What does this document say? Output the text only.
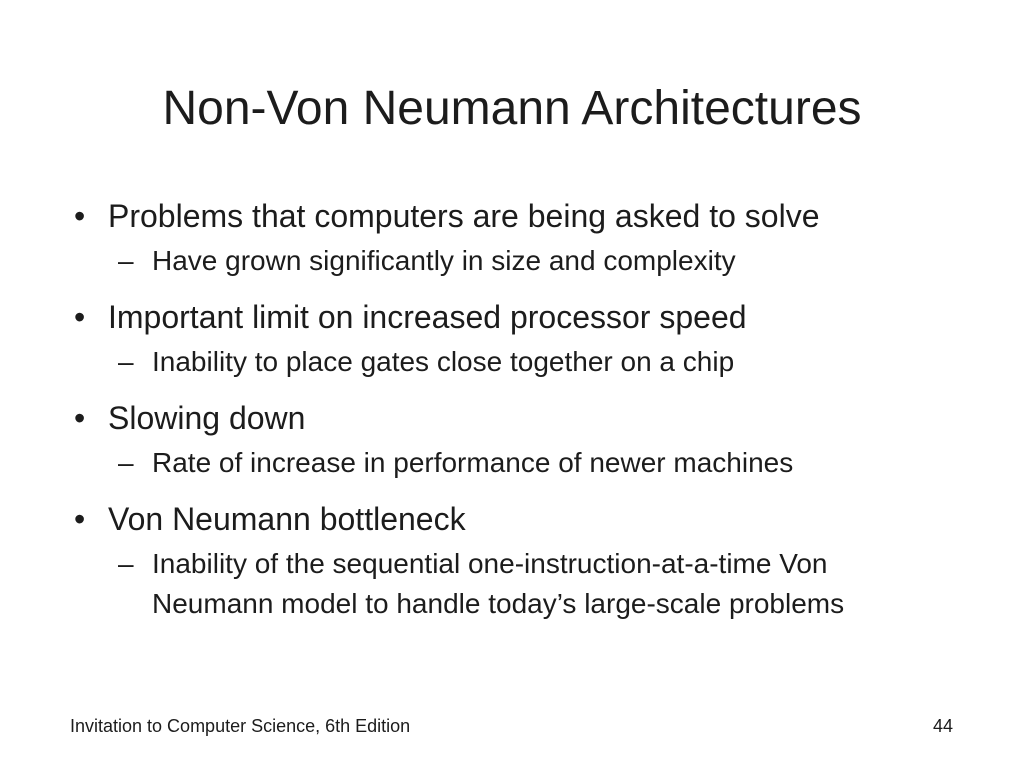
Non-Von Neumann Architectures
• Problems that computers are being asked to solve
– Have grown significantly in size and complexity
• Important limit on increased processor speed
– Inability to place gates close together on a chip
• Slowing down
– Rate of increase in performance of newer machines
• Von Neumann bottleneck
– Inability of the sequential one-instruction-at-a-time Von Neumann model to handle today’s large-scale problems
Invitation to Computer Science, 6th Edition	44
